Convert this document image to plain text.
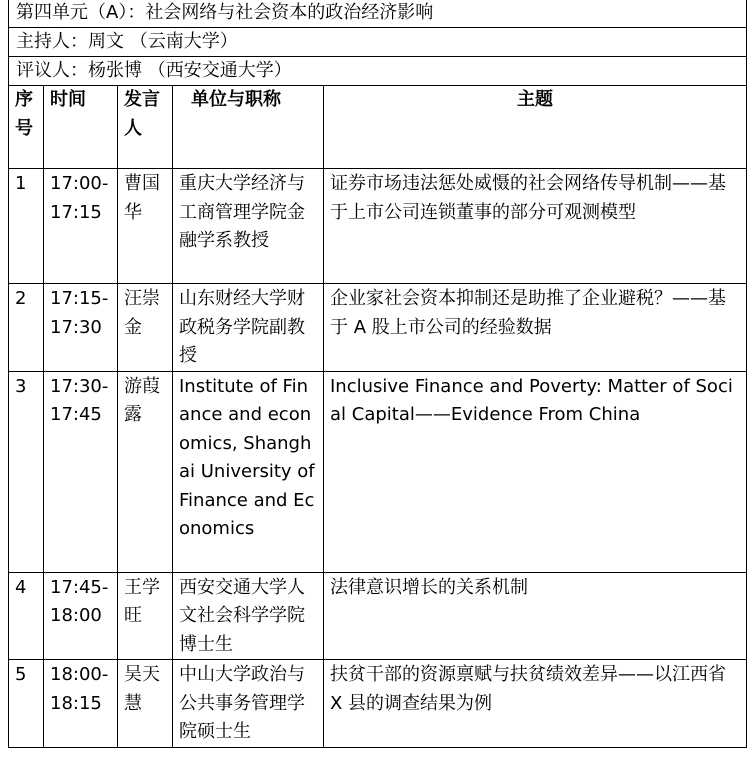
第四单元（A）：社会网络与社会资本的政治经济影响				
主持人：周文 （云南大学）				
评议人：杨张博 （西安交通大学）				
序号	时间	发言人	单位与职称	主题
1	17:00-17:15	曹国华	重庆大学经济与工商管理学院金融学系教授	证券市场违法惩处威慑的社会网络传导机制——基于上市公司连锁董事的部分可观测模型
2	17:15-17:30	汪崇金	山东财经大学财政税务学院副教授	企业家社会资本抑制还是助推了企业避税？——基于 A 股上市公司的经验数据
3	17:30-17:45	游葭露	Institute of Finance and economics, Shanghai University of Finance and Economics	Inclusive Finance and Poverty: Matter of Social Capital——Evidence From China
4	17:45-18:00	王学旺	西安交通大学人文社会科学学院博士生	法律意识增长的关系机制
5	18:00-18:15	吴天慧	中山大学政治与公共事务管理学院硕士生	扶贫干部的资源禀赋与扶贫绩效差异——以江西省 X 县的调查结果为例
